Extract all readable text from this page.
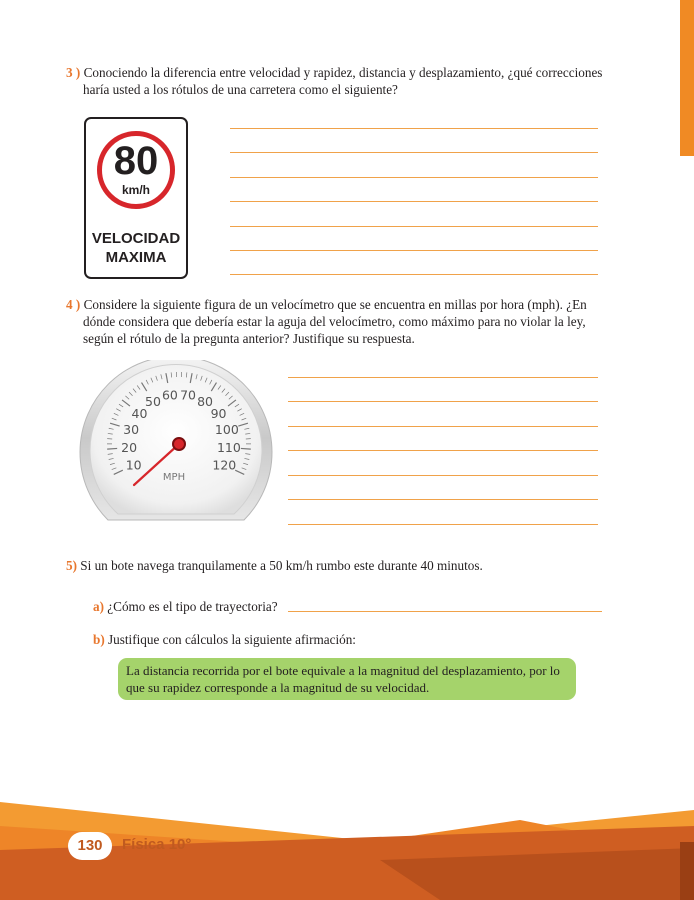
3 ) Conociendo la diferencia entre velocidad y rapidez, distancia y desplazamiento, ¿qué correcciones
haría usted a los rótulos de una carretera como el siguiente?
80
km/h
VELOCIDAD
MAXIMA
4 ) Considere la siguiente figura de un velocímetro que se encuentra en millas por hora (mph). ¿En
dónde considera que debería estar la aguja del velocímetro, como máximo para no violar la ley,
según el rótulo de la pregunta anterior? Justifique su respuesta.
10
20
30
40
50 60 70 80
90
100
110
120
MPH
5) Si un bote navega tranquilamente a 50 km/h rumbo este durante 40 minutos.
a) ¿Cómo es el tipo de trayectoria?
b) Justifique con cálculos la siguiente afirmación:
La distancia recorrida por el bote equivale a la magnitud del desplazamiento, por lo
que su rapidez corresponde a la magnitud de su velocidad.
130	Física 10°
